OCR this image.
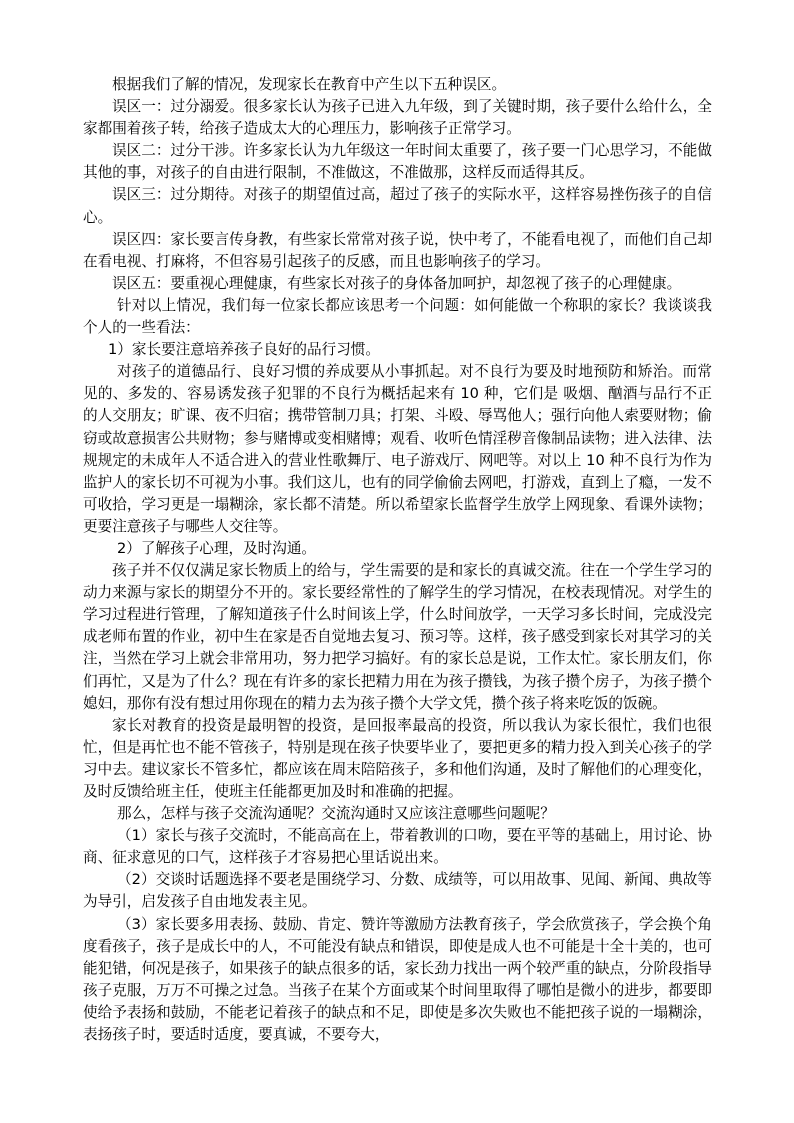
根据我们了解的情况，发现家长在教育中产生以下五种误区。

误区一：过分溺爱。很多家长认为孩子已进入九年级，到了关键时期，孩子要什么给什么，全家都围着孩子转，给孩子造成太大的心理压力，影响孩子正常学习。

误区二：过分干涉。许多家长认为九年级这一年时间太重要了，孩子要一门心思学习，不能做其他的事，对孩子的自由进行限制，不准做这，不准做那，这样反而适得其反。

误区三：过分期待。对孩子的期望值过高，超过了孩子的实际水平，这样容易挫伤孩子的自信心。

误区四：家长要言传身教，有些家长常常对孩子说，快中考了，不能看电视了，而他们自己却在看电视、打麻将，不但容易引起孩子的反感，而且也影响孩子的学习。

误区五：要重视心理健康，有些家长对孩子的身体备加呵护，却忽视了孩子的心理健康。

针对以上情况，我们每一位家长都应该思考一个问题：如何能做一个称职的家长？我谈谈我个人的一些看法：

1）家长要注意培养孩子良好的品行习惯。

对孩子的道德品行、良好习惯的养成要从小事抓起。对不良行为要及时地预防和矫治。而常见的、多发的、容易诱发孩子犯罪的不良行为概括起来有 10 种，它们是 吸烟、酗酒与品行不正的人交朋友；旷课、夜不归宿；携带管制刀具；打架、斗殴、辱骂他人；强行向他人索要财物；偷窃或故意损害公共财物；参与赌博或变相赌博；观看、收听色情淫秽音像制品读物；进入法律、法规规定的未成年人不适合进入的营业性歌舞厅、电子游戏厅、网吧等。对以上 10 种不良行为作为监护人的家长切不可视为小事。我们这儿，也有的同学偷偷去网吧，打游戏，直到上了瘾，一发不可收拾，学习更是一塌糊涂，家长都不清楚。所以希望家长监督学生放学上网现象、看课外读物；更要注意孩子与哪些人交往等。

2）了解孩子心理，及时沟通。

孩子并不仅仅满足家长物质上的给与，学生需要的是和家长的真诚交流。往在一个学生学习的动力来源与家长的期望分不开的。家长要经常性的了解学生的学习情况，在校表现情况。对学生的学习过程进行管理，了解知道孩子什么时间该上学，什么时间放学，一天学习多长时间，完成没完成老师布置的作业，初中生在家是否自觉地去复习、预习等。这样，孩子感受到家长对其学习的关注，当然在学习上就会非常用功，努力把学习搞好。有的家长总是说，工作太忙。家长朋友们，你们再忙，又是为了什么？现在有许多的家长把精力用在为孩子攒钱，为孩子攒个房子，为孩子攒个媳妇，那你有没有想过用你现在的精力去为孩子攒个大学文凭，攒个孩子将来吃饭的饭碗。

家长对教育的投资是最明智的投资，是回报率最高的投资，所以我认为家长很忙，我们也很忙，但是再忙也不能不管孩子，特别是现在孩子快要毕业了，要把更多的精力投入到关心孩子的学习中去。建议家长不管多忙，都应该在周末陪陪孩子，多和他们沟通，及时了解他们的心理变化，及时反馈给班主任，使班主任能都更加及时和准确的把握。

那么，怎样与孩子交流沟通呢？交流沟通时又应该注意哪些问题呢？

（1）家长与孩子交流时，不能高高在上，带着教训的口吻，要在平等的基础上，用讨论、协商、征求意见的口气，这样孩子才容易把心里话说出来。

（2）交谈时话题选择不要老是围绕学习、分数、成绩等，可以用故事、见闻、新闻、典故等为导引，启发孩子自由地发表主见。

（3）家长要多用表扬、鼓励、肯定、赞许等激励方法教育孩子，学会欣赏孩子，学会换个角度看孩子，孩子是成长中的人，不可能没有缺点和错误，即使是成人也不可能是十全十美的，也可能犯错，何况是孩子，如果孩子的缺点很多的话，家长劲力找出一两个较严重的缺点，分阶段指导孩子克服，万万不可操之过急。当孩子在某个方面或某个时间里取得了哪怕是微小的进步，都要即使给予表扬和鼓励，不能老记着孩子的缺点和不足，即使是多次失败也不能把孩子说的一塌糊涂，表扬孩子时，要适时适度，要真诚，不要夸大，
